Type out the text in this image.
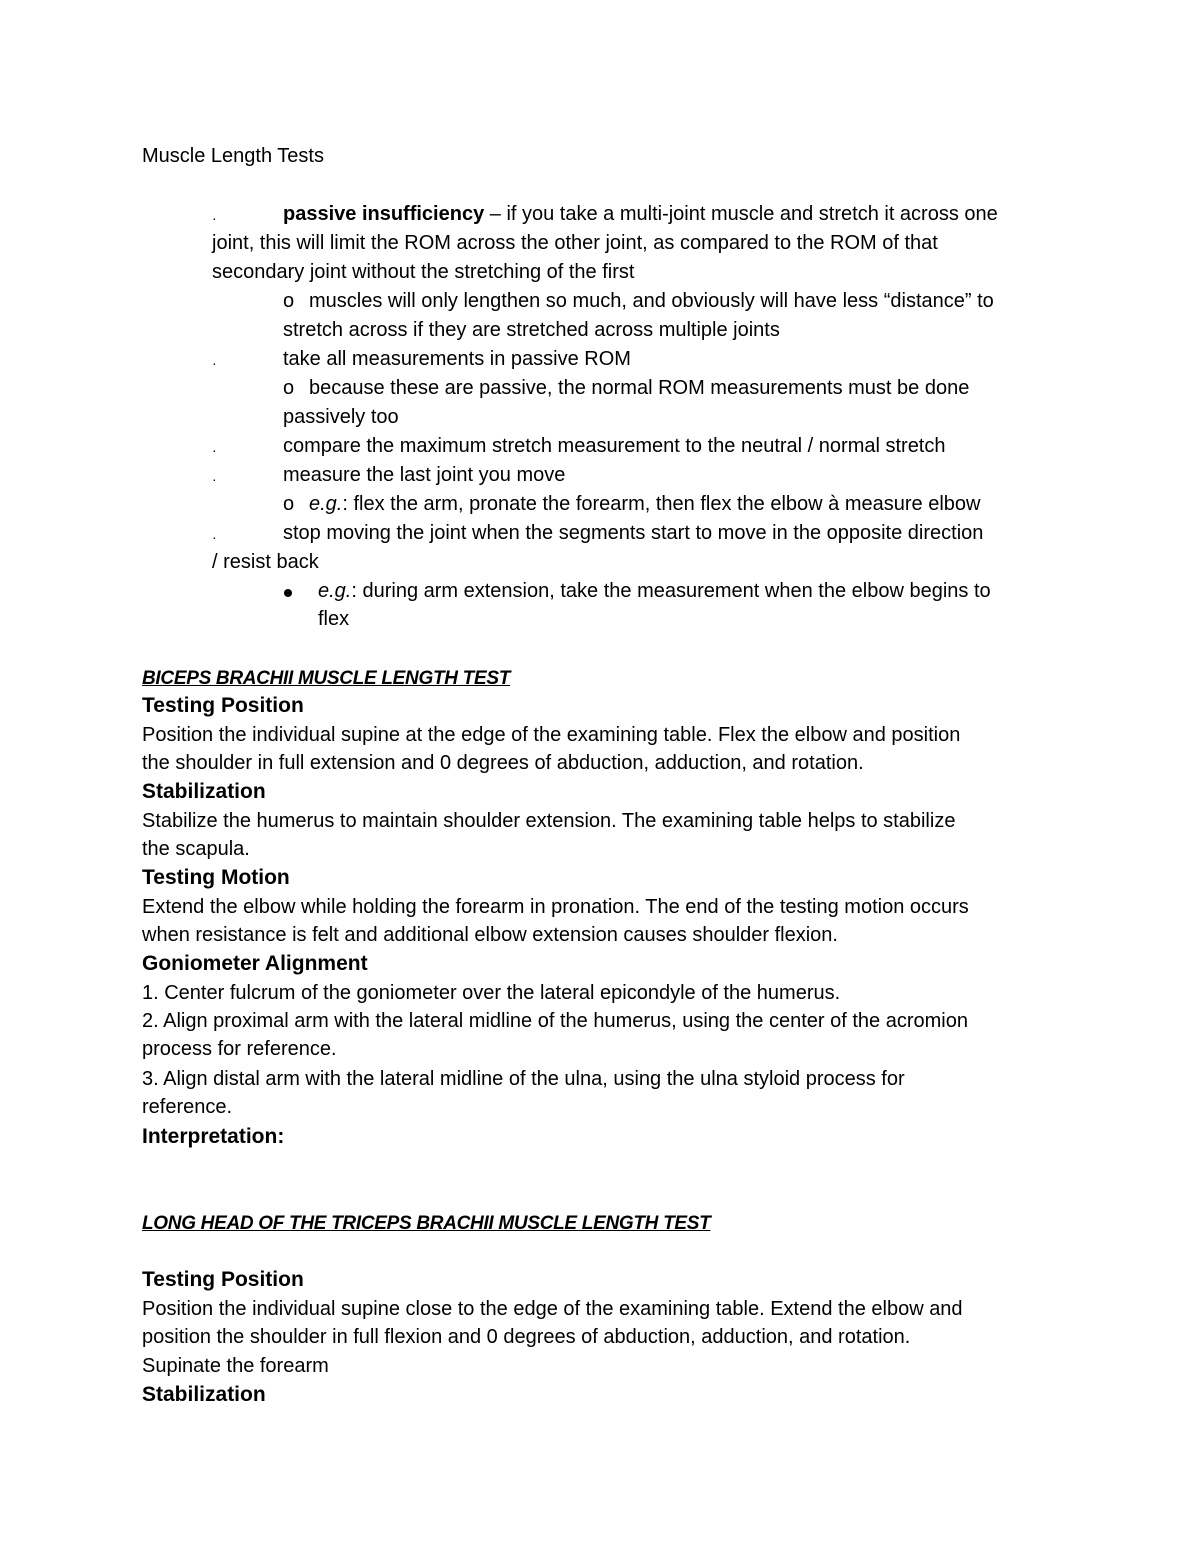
Muscle Length Tests
·	passive insufficiency – if you take a multi-joint muscle and stretch it across one
joint, this will limit the ROM across the other joint, as compared to the ROM of that
secondary joint without the stretching of the first
o muscles will only lengthen so much, and obviously will have less “distance” to
stretch across if they are stretched across multiple joints
·	take all measurements in passive ROM
o because these are passive, the normal ROM measurements must be done
passively too
·	compare the maximum stretch measurement to the neutral / normal stretch
·	measure the last joint you move
o e.g.: flex the arm, pronate the forearm, then flex the elbow à measure elbow
·	stop moving the joint when the segments start to move in the opposite direction
/ resist back
e.g.: during arm extension, take the measurement when the elbow begins to
flex
BICEPS BRACHII MUSCLE LENGTH TEST
Testing Position
Position the individual supine at the edge of the examining table. Flex the elbow and position
the shoulder in full extension and 0 degrees of abduction, adduction, and rotation.
Stabilization
Stabilize the humerus to maintain shoulder extension. The examining table helps to stabilize
the scapula.
Testing Motion
Extend the elbow while holding the forearm in pronation. The end of the testing motion occurs
when resistance is felt and additional elbow extension causes shoulder flexion.
Goniometer Alignment
1. Center fulcrum of the goniometer over the lateral epicondyle of the humerus.
2. Align proximal arm with the lateral midline of the humerus, using the center of the acromion
process for reference.
3. Align distal arm with the lateral midline of the ulna, using the ulna styloid process for
reference.
Interpretation:
LONG HEAD OF THE TRICEPS BRACHII MUSCLE LENGTH TEST
Testing Position
Position the individual supine close to the edge of the examining table. Extend the elbow and
position the shoulder in full flexion and 0 degrees of abduction, adduction, and rotation.
Supinate the forearm
Stabilization
